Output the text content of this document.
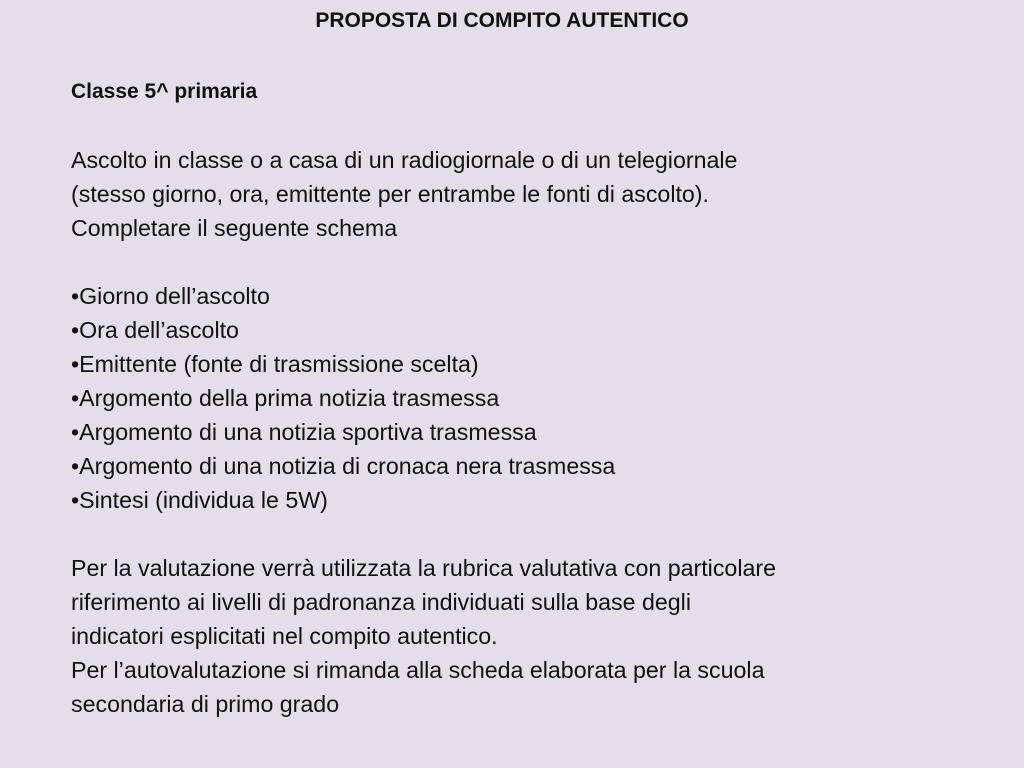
PROPOSTA DI COMPITO AUTENTICO
Classe 5^ primaria
Ascolto in classe o a casa di un radiogiornale o di un telegiornale
(stesso giorno, ora, emittente per entrambe le fonti di ascolto).
Completare il seguente schema
•Giorno dell’ascolto
•Ora dell’ascolto
•Emittente (fonte di trasmissione scelta)
•Argomento della prima notizia trasmessa
•Argomento di una notizia sportiva trasmessa
•Argomento di una notizia di cronaca nera trasmessa
•Sintesi (individua le 5W)
Per la valutazione verrà utilizzata la rubrica valutativa con particolare
riferimento ai livelli di padronanza individuati sulla base degli
indicatori esplicitati nel compito autentico.
Per l’autovalutazione si rimanda alla scheda elaborata per la scuola
secondaria di primo grado
